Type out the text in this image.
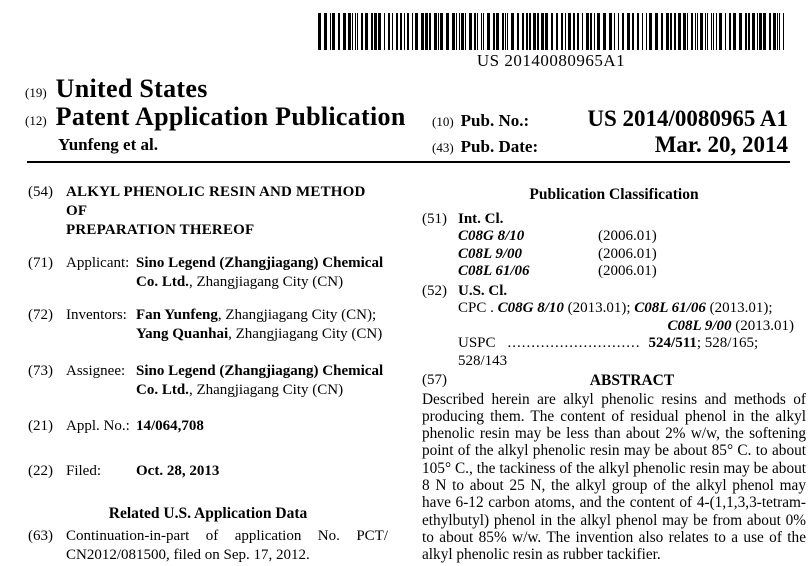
US 20140080965A1
(19) United States
(12) Patent Application Publication
Yunfeng et al.
(10) Pub. No.:	US 2014/0080965 A1
(43) Pub. Date:	Mar. 20, 2014
(54) ALKYL PHENOLIC RESIN AND METHOD OF
PREPARATION THEREOF
(71) Applicant: Sino Legend (Zhangjiagang) Chemical
Co. Ltd., Zhangjiagang City (CN)
(72) Inventors: Fan Yunfeng, Zhangjiagang City (CN);
Yang Quanhai, Zhangjiagang City (CN)
(73) Assignee: Sino Legend (Zhangjiagang) Chemical
Co. Ltd., Zhangjiagang City (CN)
(21) Appl. No.: 14/064,708
(22) Filed:	Oct. 28, 2013
Related U.S. Application Data
(63) Continuation-in-part of application No. PCT/
CN2012/081500, filed on Sep. 17, 2012.
Publication Classification
(51) Int. Cl.
C08G 8/10	(2006.01)
C08L 9/00	(2006.01)
C08L 61/06	(2006.01)
(52) U.S. Cl.
CPC . C08G 8/10 (2013.01); C08L 61/06 (2013.01);
C08L 9/00 (2013.01)
USPC ............................ 524/511; 528/165; 528/143
(57)	ABSTRACT
Described herein are alkyl phenolic resins and methods of
producing them. The content of residual phenol in the alkyl
phenolic resin may be less than about 2% w/w, the softening
point of the alkyl phenolic resin may be about 85° C. to about
105° C., the tackiness of the alkyl phenolic resin may be about
8 N to about 25 N, the alkyl group of the alkyl phenol may
have 6-12 carbon atoms, and the content of 4-(1,1,3,3-tetram-
ethylbutyl) phenol in the alkyl phenol may be from about 0%
to about 85% w/w. The invention also relates to a use of the
alkyl phenolic resin as rubber tackifier.
